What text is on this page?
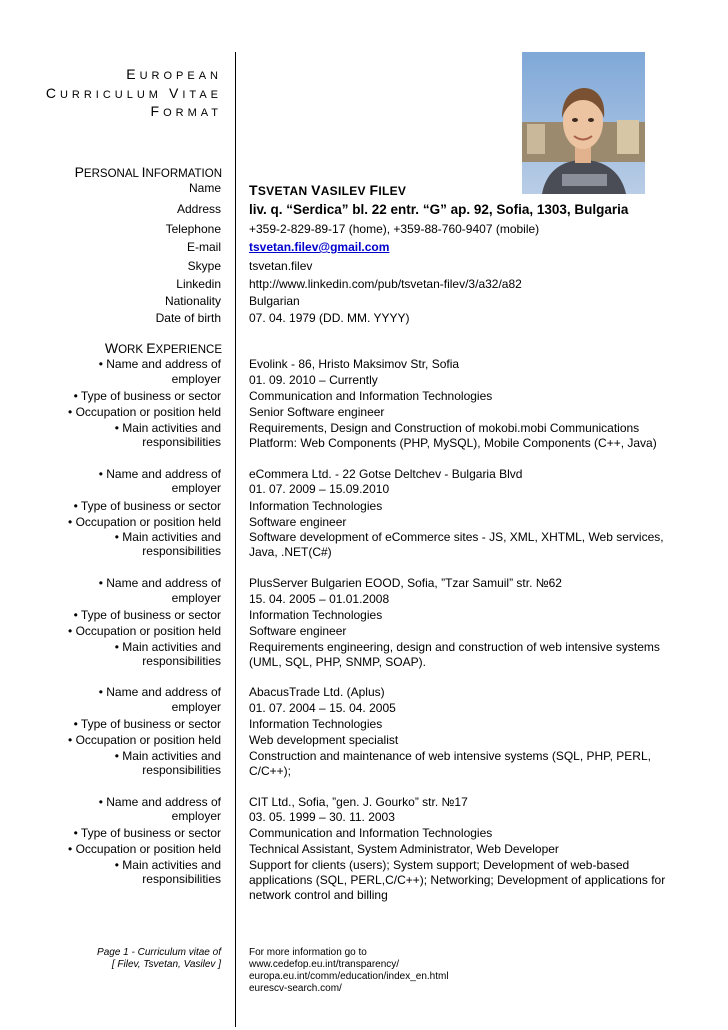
EUROPEAN
CURRICULUM VITAE
FORMAT
PERSONAL INFORMATION
Name TSVETAN VASILEV FILEV
Address liv. q. “Serdica” bl. 22 entr. “G” ap. 92, Sofia, 1303, Bulgaria
Telephone +359-2-829-89-17 (home), +359-88-760-9407 (mobile)
E-mail tsvetan.filev@gmail.com
Skype tsvetan.filev
Linkedin http://www.linkedin.com/pub/tsvetan-filev/3/a32/a82
Nationality Bulgarian
Date of birth 07. 04. 1979 (DD. MM. YYYY)
WORK EXPERIENCE
• Name and address of
employer
• Type of business or sector
• Occupation or position held
• Main activities and
responsibilities
Evolink - 86, Hristo Maksimov Str, Sofia
01. 09. 2010 – Currently
Communication and Information Technologies
Senior Software engineer
Requirements, Design and Construction of mokobi.mobi Communications Platform: Web Components (PHP, MySQL), Mobile Components (C++, Java)
• Name and address of
employer
• Type of business or sector
• Occupation or position held
• Main activities and
responsibilities
eCommera Ltd. - 22 Gotse Deltchev - Bulgaria Blvd
01. 07. 2009 – 15.09.2010
Information Technologies
Software engineer
Software development of eCommerce sites - JS, XML, XHTML, Web services, Java, .NET(C#)
• Name and address of
employer
• Type of business or sector
• Occupation or position held
• Main activities and
responsibilities
PlusServer Bulgarien EOOD, Sofia, ”Tzar Samuil” str. №62
15. 04. 2005 – 01.01.2008
Information Technologies
Software engineer
Requirements engineering, design and construction of web intensive systems (UML, SQL, PHP, SNMP, SOAP).
• Name and address of
employer
• Type of business or sector
• Occupation or position held
• Main activities and
responsibilities
AbacusTrade Ltd. (Aplus)
01. 07. 2004 – 15. 04. 2005
Information Technologies
Web development specialist
Construction and maintenance of web intensive systems (SQL, PHP, PERL, C/C++);
• Name and address of
employer
• Type of business or sector
• Occupation or position held
• Main activities and
responsibilities
CIT Ltd., Sofia, ”gen. J. Gourko” str. №17
03. 05. 1999 – 30. 11. 2003
Communication and Information Technologies
Technical Assistant, System Administrator, Web Developer
Support for clients (users); System support; Development of web-based applications (SQL, PERL,C/C++); Networking; Development of applications for network control and billing
Page 1 - Curriculum vitae of
[ Filev, Tsvetan, Vasilev ]
For more information go to
www.cedefop.eu.int/transparency/
europa.eu.int/comm/education/index_en.html
eurescv-search.com/
